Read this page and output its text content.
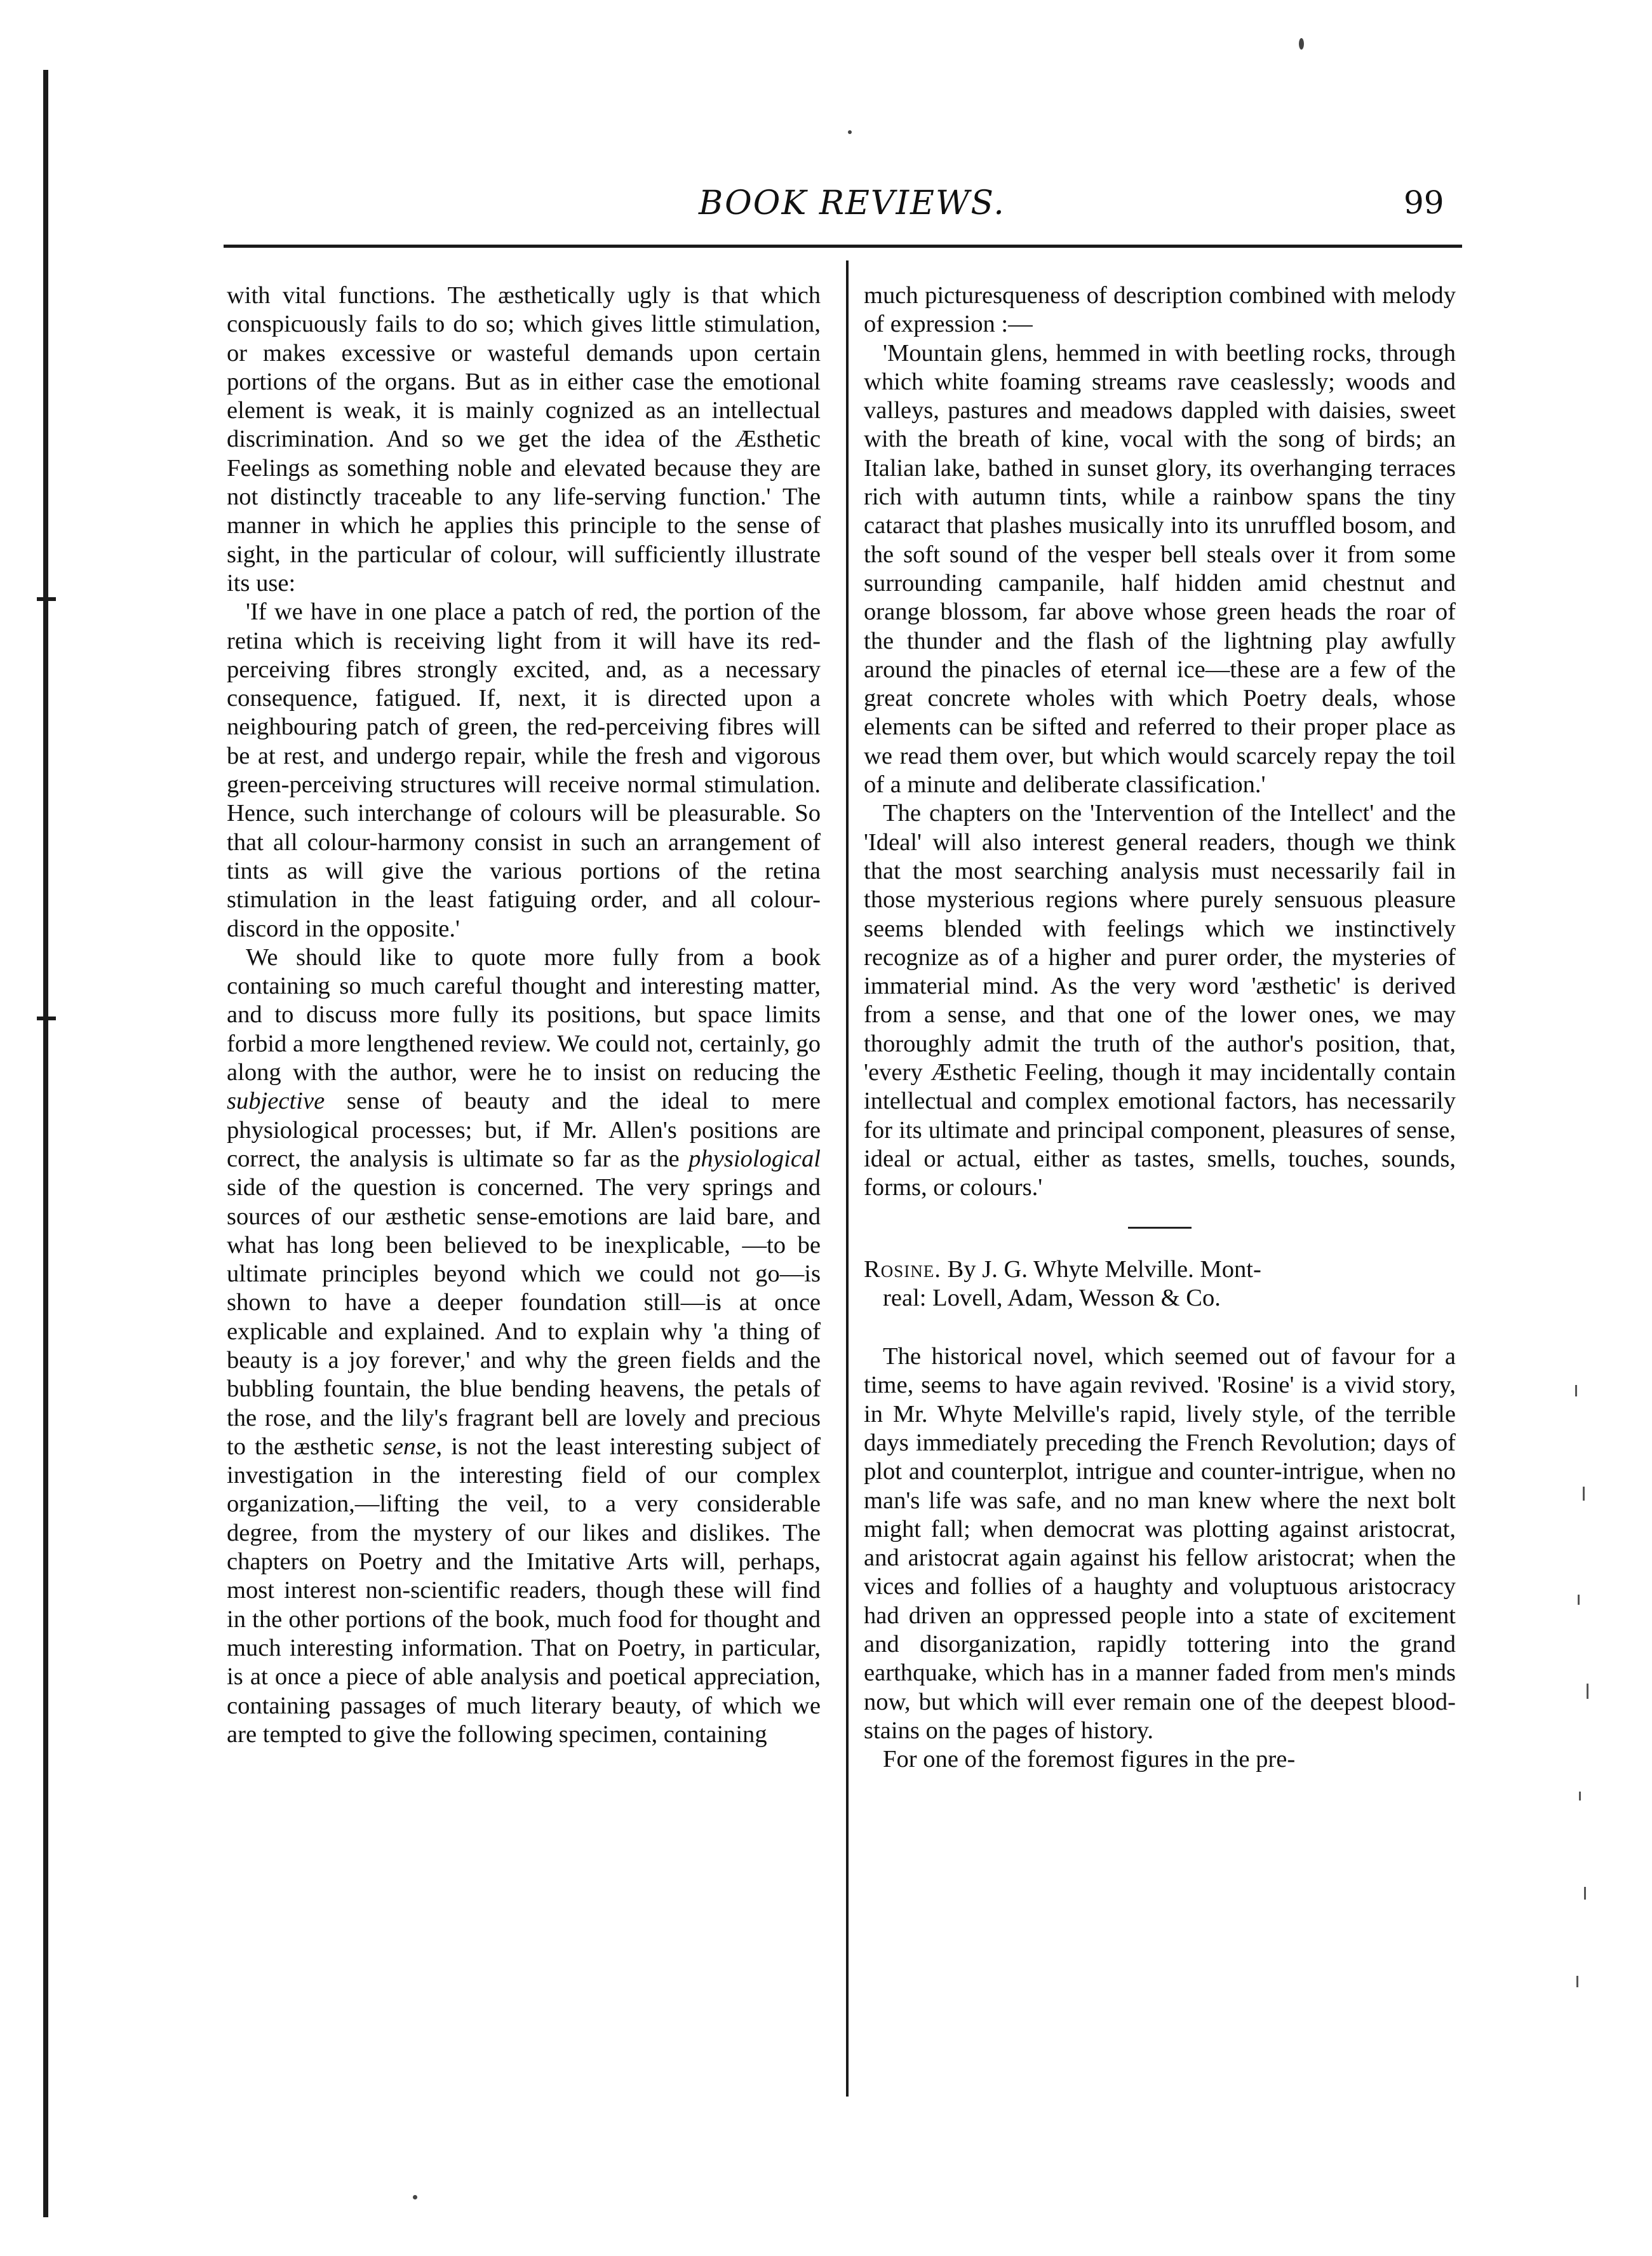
BOOK REVIEWS.	99

with vital functions. The æsthetically ugly is that which conspicuously fails to do so; which gives little stimulation, or makes excessive or wasteful demands upon certain portions of the organs. But as in either case the emotional element is weak, it is mainly cognized as an intellectual discrimination. And so we get the idea of the Æsthetic Feelings as something noble and elevated because they are not distinctly traceable to any life-serving function.' The manner in which he applies this principle to the sense of sight, in the particular of colour, will sufficiently illustrate its use:

'If we have in one place a patch of red, the portion of the retina which is receiving light from it will have its red-perceiving fibres strongly excited, and, as a necessary consequence, fatigued. If, next, it is directed upon a neighbouring patch of green, the red-perceiving fibres will be at rest, and undergo repair, while the fresh and vigorous green-perceiving structures will receive normal stimulation. Hence, such interchange of colours will be pleasurable. So that all colour-harmony consist in such an arrangement of tints as will give the various portions of the retina stimulation in the least fatiguing order, and all colour-discord in the opposite.'

We should like to quote more fully from a book containing so much careful thought and interesting matter, and to discuss more fully its positions, but space limits forbid a more lengthened review. We could not, certainly, go along with the author, were he to insist on reducing the subjective sense of beauty and the ideal to mere physiological processes; but, if Mr. Allen's positions are correct, the analysis is ultimate so far as the physiological side of the question is concerned. The very springs and sources of our æsthetic sense-emotions are laid bare, and what has long been believed to be inexplicable, —to be ultimate principles beyond which we could not go—is shown to have a deeper foundation still—is at once explicable and explained. And to explain why 'a thing of beauty is a joy forever,' and why the green fields and the bubbling fountain, the blue bending heavens, the petals of the rose, and the lily's fragrant bell are lovely and precious to the æsthetic sense, is not the least interesting subject of investigation in the interesting field of our complex organization,—lifting the veil, to a very considerable degree, from the mystery of our likes and dislikes. The chapters on Poetry and the Imitative Arts will, perhaps, most interest non-scientific readers, though these will find in the other portions of the book, much food for thought and much interesting information. That on Poetry, in particular, is at once a piece of able analysis and poetical appreciation, containing passages of much literary beauty, of which we are tempted to give the following specimen, containing

much picturesqueness of description combined with melody of expression :—

'Mountain glens, hemmed in with beetling rocks, through which white foaming streams rave ceaslessly; woods and valleys, pastures and meadows dappled with daisies, sweet with the breath of kine, vocal with the song of birds; an Italian lake, bathed in sunset glory, its overhanging terraces rich with autumn tints, while a rainbow spans the tiny cataract that plashes musically into its unruffled bosom, and the soft sound of the vesper bell steals over it from some surrounding campanile, half hidden amid chestnut and orange blossom, far above whose green heads the roar of the thunder and the flash of the lightning play awfully around the pinacles of eternal ice—these are a few of the great concrete wholes with which Poetry deals, whose elements can be sifted and referred to their proper place as we read them over, but which would scarcely repay the toil of a minute and deliberate classification.'

The chapters on the 'Intervention of the Intellect' and the 'Ideal' will also interest general readers, though we think that the most searching analysis must necessarily fail in those mysterious regions where purely sensuous pleasure seems blended with feelings which we instinctively recognize as of a higher and purer order, the mysteries of immaterial mind. As the very word 'æsthetic' is derived from a sense, and that one of the lower ones, we may thoroughly admit the truth of the author's position, that, 'every Æsthetic Feeling, though it may incidentally contain intellectual and complex emotional factors, has necessarily for its ultimate and principal component, pleasures of sense, ideal or actual, either as tastes, smells, touches, sounds, forms, or colours.'

Rosine. By J. G. Whyte Melville. Mont-
real: Lovell, Adam, Wesson & Co.

The historical novel, which seemed out of favour for a time, seems to have again revived. 'Rosine' is a vivid story, in Mr. Whyte Melville's rapid, lively style, of the terrible days immediately preceding the French Revolution; days of plot and counterplot, intrigue and counter-intrigue, when no man's life was safe, and no man knew where the next bolt might fall; when democrat was plotting against aristocrat, and aristocrat again against his fellow aristocrat; when the vices and follies of a haughty and voluptuous aristocracy had driven an oppressed people into a state of excitement and disorganization, rapidly tottering into the grand earthquake, which has in a manner faded from men's minds now, but which will ever remain one of the deepest blood-stains on the pages of history.

For one of the foremost figures in the pre-
